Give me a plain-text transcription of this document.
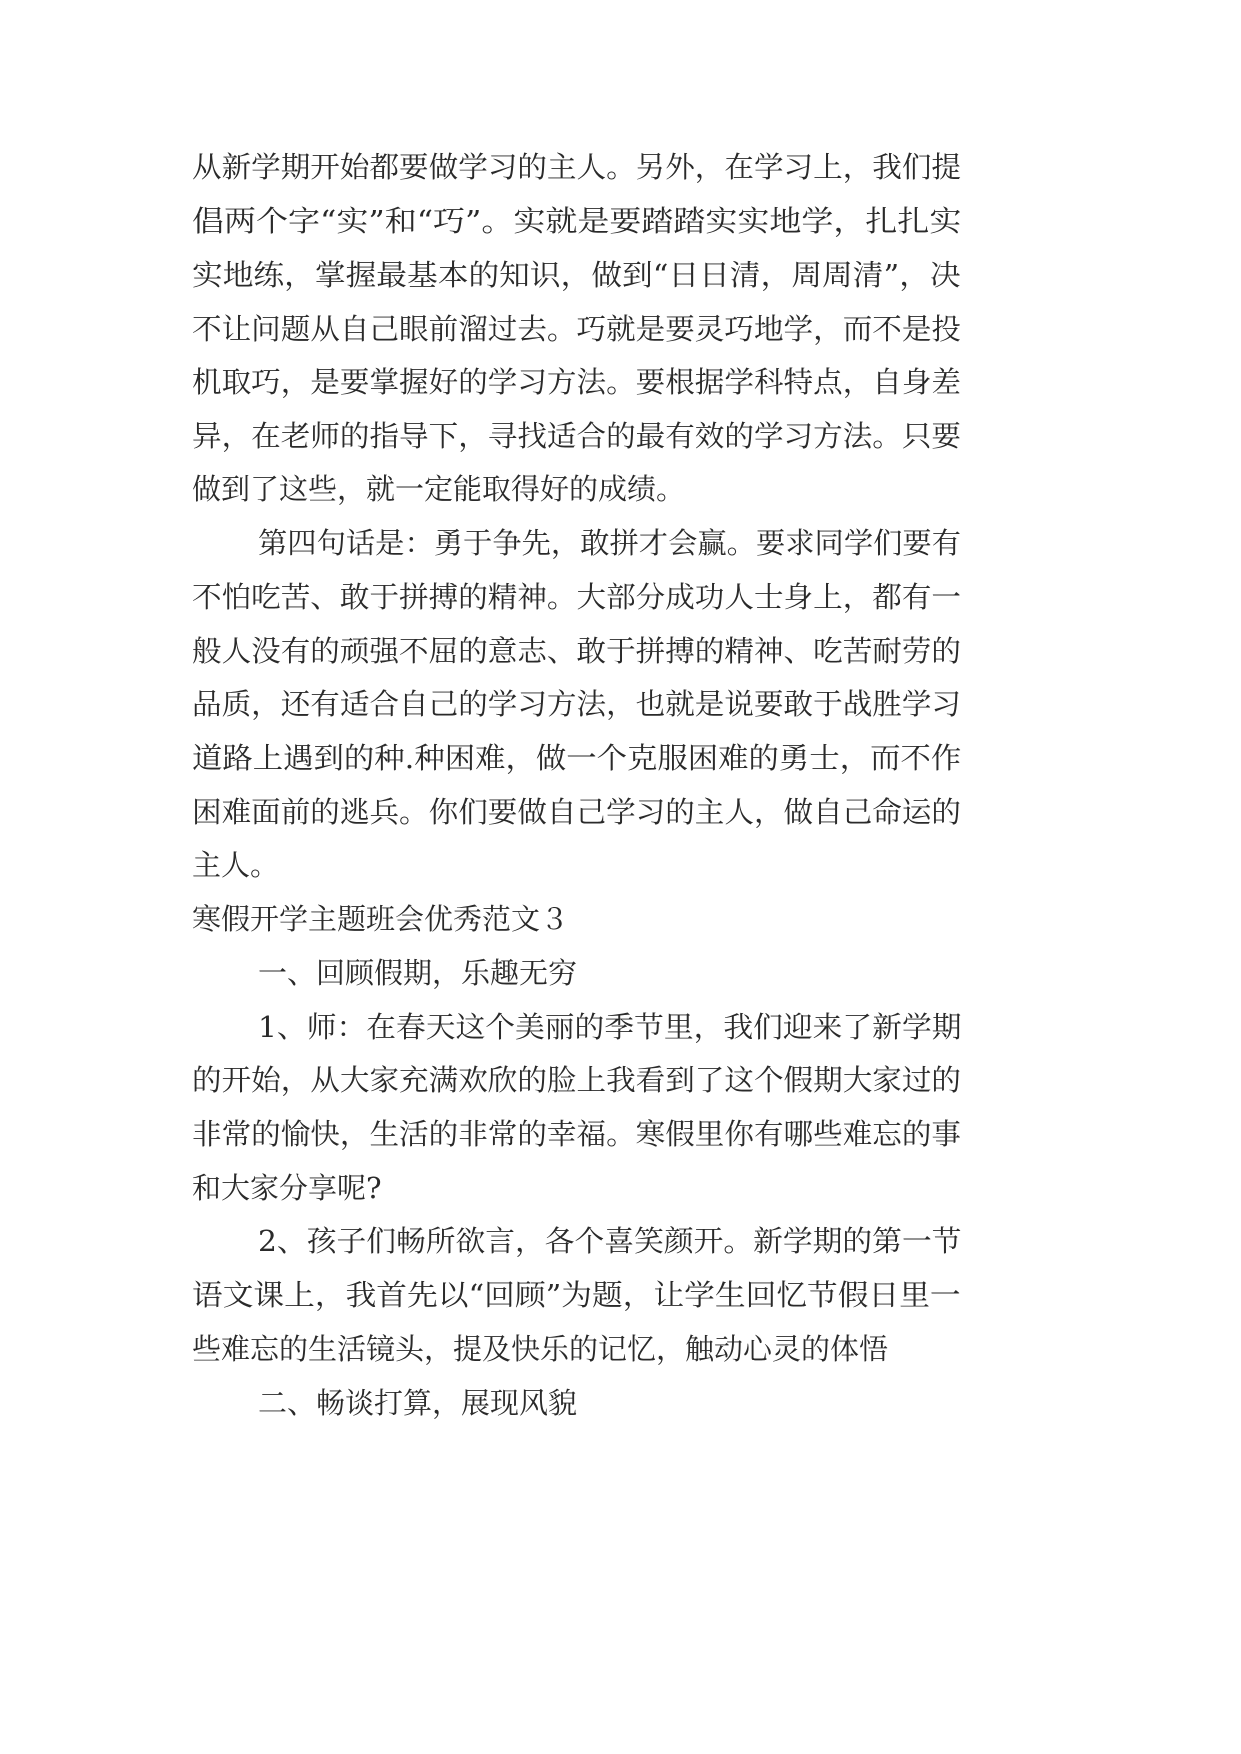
从新学期开始都要做学习的主人。另外，在学习上，我们提
倡两个字“实”和“巧”。实就是要踏踏实实地学，扎扎实
实地练，掌握最基本的知识，做到“日日清，周周清”，决
不让问题从自己眼前溜过去。巧就是要灵巧地学，而不是投
机取巧，是要掌握好的学习方法。要根据学科特点，自身差
异，在老师的指导下，寻找适合的最有效的学习方法。只要
做到了这些，就一定能取得好的成绩。
第四句话是：勇于争先，敢拼才会赢。要求同学们要有
不怕吃苦、敢于拼搏的精神。大部分成功人士身上，都有一
般人没有的顽强不屈的意志、敢于拼搏的精神、吃苦耐劳的
品质，还有适合自己的学习方法，也就是说要敢于战胜学习
道路上遇到的种.种困难，做一个克服困难的勇士，而不作
困难面前的逃兵。你们要做自己学习的主人，做自己命运的
主人。
寒假开学主题班会优秀范文３
一、回顾假期，乐趣无穷
1、师：在春天这个美丽的季节里，我们迎来了新学期
的开始，从大家充满欢欣的脸上我看到了这个假期大家过的
非常的愉快，生活的非常的幸福。寒假里你有哪些难忘的事
和大家分享呢?
2、孩子们畅所欲言，各个喜笑颜开。新学期的第一节
语文课上，我首先以“回顾”为题，让学生回忆节假日里一
些难忘的生活镜头，提及快乐的记忆，触动心灵的体悟
二、畅谈打算，展现风貌
